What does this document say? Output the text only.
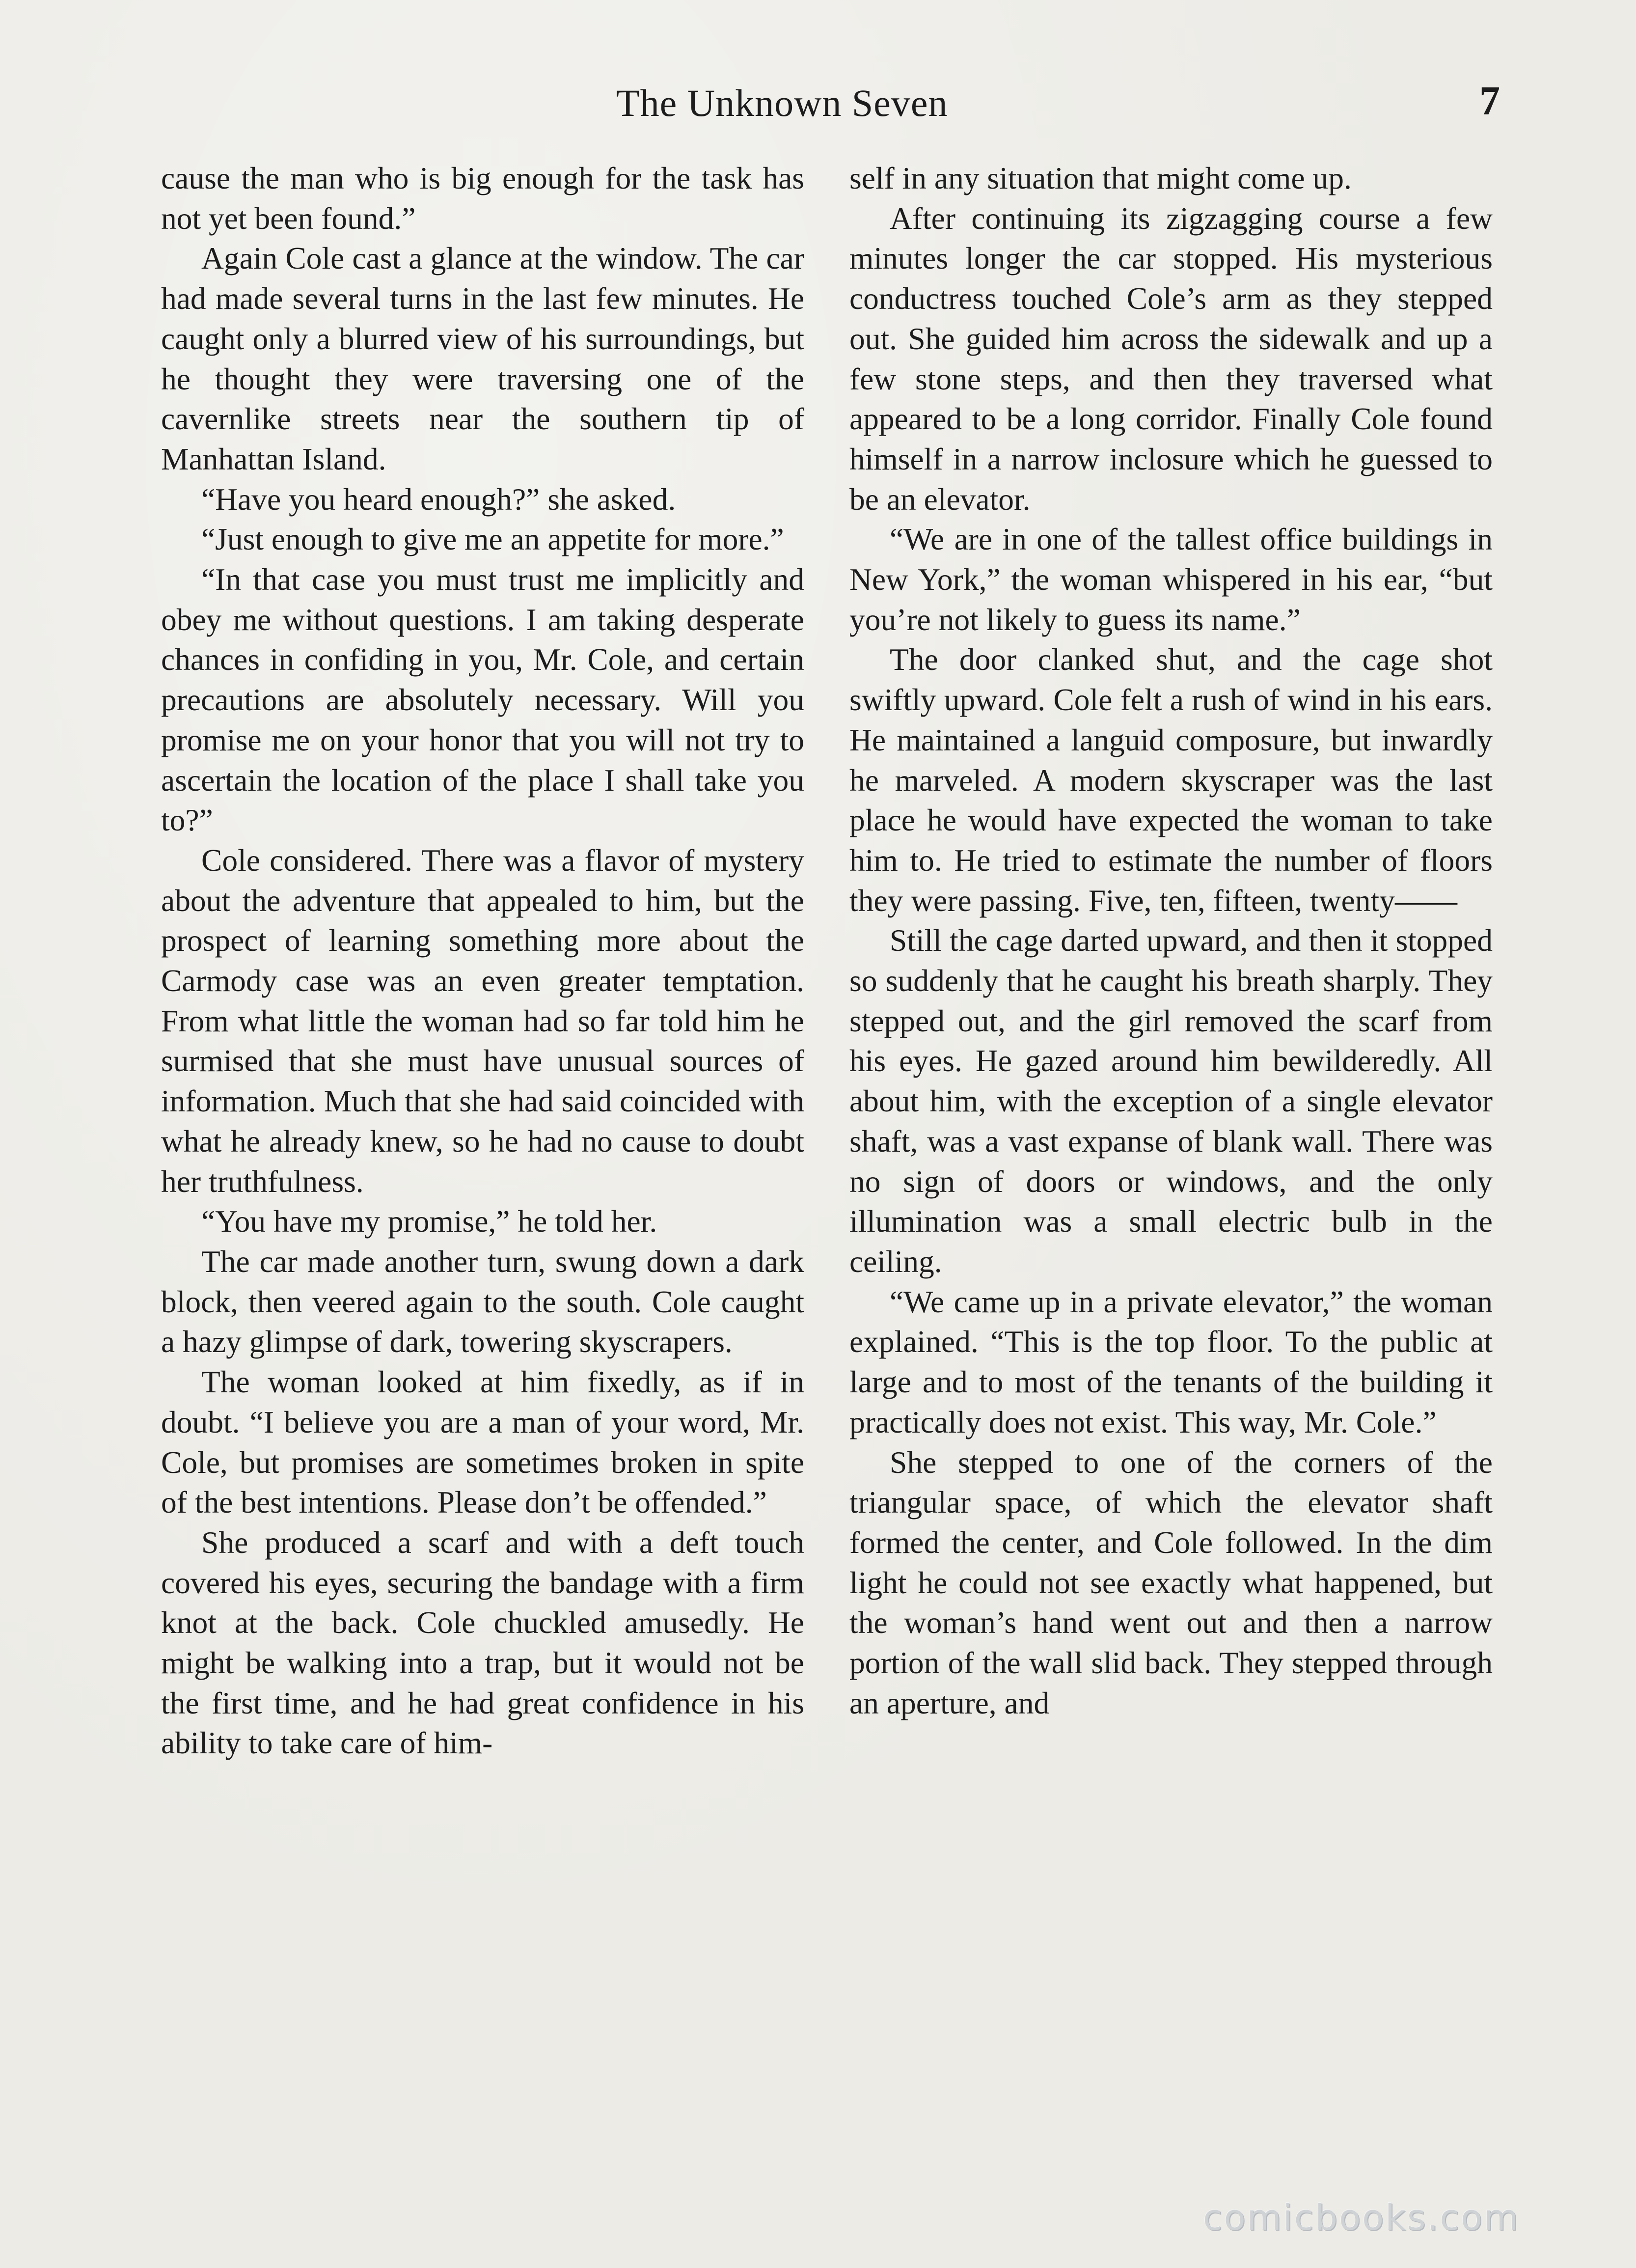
The Unknown Seven	7

cause the man who is big enough for the task has not yet been found.”

Again Cole cast a glance at the window. The car had made several turns in the last few minutes. He caught only a blurred view of his surroundings, but he thought they were traversing one of the cavernlike streets near the southern tip of Manhattan Island.

“Have you heard enough?” she asked.

“Just enough to give me an appetite for more.”

“In that case you must trust me implicitly and obey me without questions. I am taking desperate chances in confiding in you, Mr. Cole, and certain precautions are absolutely necessary. Will you promise me on your honor that you will not try to ascertain the location of the place I shall take you to?”

Cole considered. There was a flavor of mystery about the adventure that appealed to him, but the prospect of learning something more about the Carmody case was an even greater temptation. From what little the woman had so far told him he surmised that she must have unusual sources of information. Much that she had said coincided with what he already knew, so he had no cause to doubt her truthfulness.

“You have my promise,” he told her.

The car made another turn, swung down a dark block, then veered again to the south. Cole caught a hazy glimpse of dark, towering skyscrapers.

The woman looked at him fixedly, as if in doubt. “I believe you are a man of your word, Mr. Cole, but promises are sometimes broken in spite of the best intentions. Please don’t be offended.”

She produced a scarf and with a deft touch covered his eyes, securing the bandage with a firm knot at the back. Cole chuckled amusedly. He might be walking into a trap, but it would not be the first time, and he had great confidence in his ability to take care of him-

self in any situation that might come up.

After continuing its zigzagging course a few minutes longer the car stopped. His mysterious conductress touched Cole’s arm as they stepped out. She guided him across the sidewalk and up a few stone steps, and then they traversed what appeared to be a long corridor. Finally Cole found himself in a narrow inclosure which he guessed to be an elevator.

“We are in one of the tallest office buildings in New York,” the woman whispered in his ear, “but you’re not likely to guess its name.”

The door clanked shut, and the cage shot swiftly upward. Cole felt a rush of wind in his ears. He maintained a languid composure, but inwardly he marveled. A modern skyscraper was the last place he would have expected the woman to take him to. He tried to estimate the number of floors they were passing. Five, ten, fifteen, twenty——

Still the cage darted upward, and then it stopped so suddenly that he caught his breath sharply. They stepped out, and the girl removed the scarf from his eyes. He gazed around him bewilderedly. All about him, with the exception of a single elevator shaft, was a vast expanse of blank wall. There was no sign of doors or windows, and the only illumination was a small electric bulb in the ceiling.

“We came up in a private elevator,” the woman explained. “This is the top floor. To the public at large and to most of the tenants of the building it practically does not exist. This way, Mr. Cole.”

She stepped to one of the corners of the triangular space, of which the elevator shaft formed the center, and Cole followed. In the dim light he could not see exactly what happened, but the woman’s hand went out and then a narrow portion of the wall slid back. They stepped through an aperture, and

comicbooks.com
